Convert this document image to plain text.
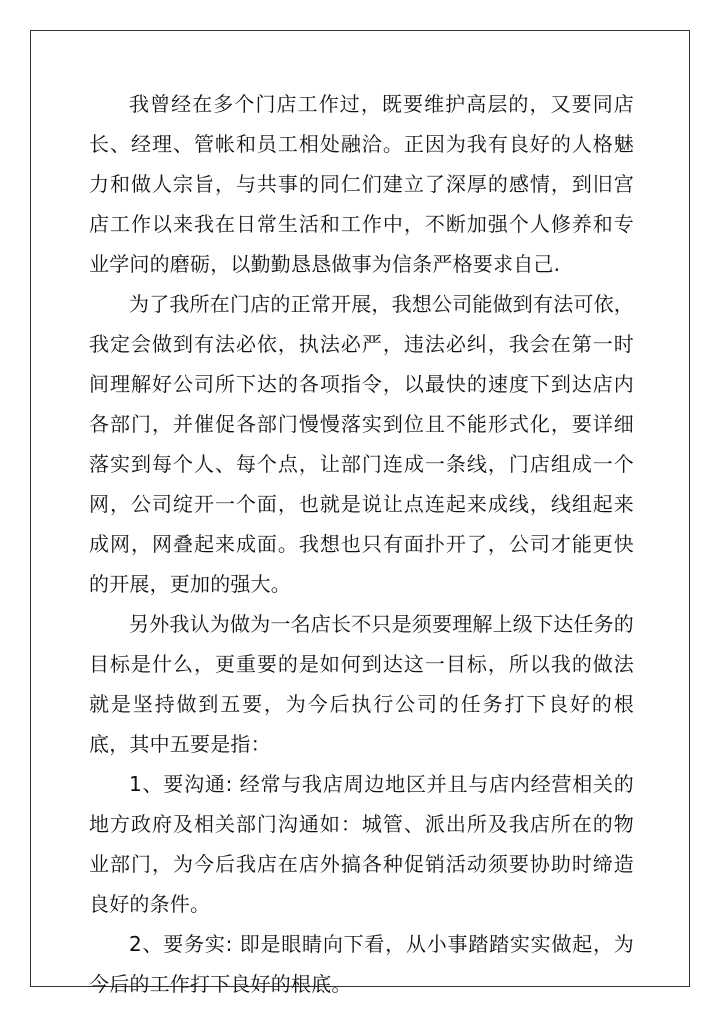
我曾经在多个门店工作过，既要维护高层的，又要同店长、经理、管帐和员工相处融洽。正因为我有良好的人格魅力和做人宗旨，与共事的同仁们建立了深厚的感情，到旧宫店工作以来我在日常生活和工作中，不断加强个人修养和专业学问的磨砺，以勤勤恳恳做事为信条严格要求自己.

为了我所在门店的正常开展，我想公司能做到有法可依，我定会做到有法必依，执法必严，违法必纠，我会在第一时间理解好公司所下达的各项指令，以最快的速度下到达店内各部门，并催促各部门慢慢落实到位且不能形式化，要详细落实到每个人、每个点，让部门连成一条线，门店组成一个网，公司绽开一个面，也就是说让点连起来成线，线组起来成网，网叠起来成面。我想也只有面扑开了，公司才能更快的开展，更加的强大。

另外我认为做为一名店长不只是须要理解上级下达任务的目标是什么，更重要的是如何到达这一目标，所以我的做法就是坚持做到五要，为今后执行公司的任务打下良好的根底，其中五要是指：

1、要沟通: 经常与我店周边地区并且与店内经营相关的地方政府及相关部门沟通如：城管、派出所及我店所在的物业部门，为今后我店在店外搞各种促销活动须要协助时缔造良好的条件。

2、要务实: 即是眼睛向下看，从小事踏踏实实做起，为今后的工作打下良好的根底。
